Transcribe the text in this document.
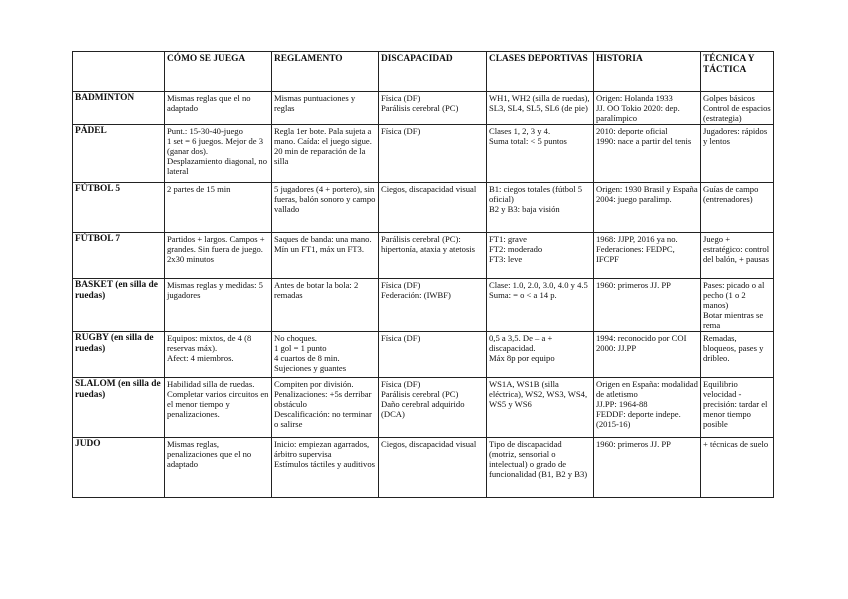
	CÓMO SE JUEGA	REGLAMENTO	DISCAPACIDAD	CLASES DEPORTIVAS	HISTORIA	TÉCNICA Y TÁCTICA
BADMINTON	Mismas reglas que el no adaptado	Mismas puntuaciones y reglas	Física (DF)
Parálisis cerebral (PC)	WH1, WH2 (silla de ruedas), SL3, SL4, SL5, SL6 (de pie)	Origen: Holanda 1933
JJ. OO Tokio 2020: dep. paralímpico	Golpes básicos
Control de espacios (estrategia)

PÁDEL	Punt.: 15-30-40-juego
1 set = 6 juegos. Mejor de 3 (ganar dos).
Desplazamiento diagonal, no lateral	Regla 1er bote. Pala sujeta a mano. Caída: el juego sigue. 20 min de reparación de la silla	Física (DF)	Clases 1, 2, 3 y 4.
Suma total: < 5 puntos	2010: deporte oficial
1990: nace a partir del tenis	Jugadores: rápidos y lentos

FÚTBOL 5	2 partes de 15 min	5 jugadores (4 + portero), sin fueras, balón sonoro y campo vallado	Ciegos, discapacidad visual	B1: ciegos totales (fútbol 5 oficial)
B2 y B3: baja visión	Origen: 1930 Brasil y España
2004: juego paralimp.	Guías de campo (entrenadores)

FÚTBOL 7	Partidos + largos. Campos + grandes. Sin fuera de juego. 2x30 minutos	Saques de banda: una mano. Mín un FT1, máx un FT3.	Parálisis cerebral (PC): hipertonía, ataxia y atetosis	FT1: grave
FT2: moderado
FT3: leve	1968: JJPP, 2016 ya no.
Federaciones: FEDPC, IFCPF	Juego + estratégico: control del balón, + pausas

BASKET (en silla de ruedas)	Mismas reglas y medidas: 5 jugadores	Antes de botar la bola: 2 remadas	Física (DF)
Federación: (IWBF)	Clase: 1.0, 2.0, 3.0, 4.0 y 4.5
Suma: = o < a 14 p.	1960: primeros JJ. PP	Pases: picado o al pecho (1 o 2 manos)
Botar mientras se rema

RUGBY (en silla de ruedas)	Equipos: mixtos, de 4 (8 reservas máx).
Afect: 4 miembros.	No choques.
1 gol = 1 punto
4 cuartos de 8 min.
Sujeciones y guantes	Física (DF)	0,5 a 3,5. De – a + discapacidad.
Máx 8p por equipo	1994: reconocido por COI
2000: JJ.PP	Remadas, bloqueos, pases y dribleo.

SLALOM (en silla de ruedas)	Habilidad silla de ruedas. Completar varios circuitos en el menor tiempo y penalizaciones.	Compiten por división. Penalizaciones: +5s derribar obstáculo
Descalificación: no terminar o salirse	Física (DF)
Parálisis cerebral (PC)
Daño cerebral adquirido (DCA)	WS1A, WS1B (silla eléctrica), WS2, WS3, WS4, WS5 y WS6	Origen en España: modalidad de atletismo
JJ.PP: 1964-88
FEDDF: deporte indepe. (2015-16)	Equilibrio velocidad - precisión: tardar el menor tiempo posible

JUDO	Mismas reglas, penalizaciones que el no adaptado	Inicio: empiezan agarrados, árbitro supervisa
Estímulos táctiles y auditivos	Ciegos, discapacidad visual	Tipo de discapacidad (motriz, sensorial o intelectual) o grado de funcionalidad (B1, B2 y B3)	1960: primeros JJ. PP	+ técnicas de suelo
